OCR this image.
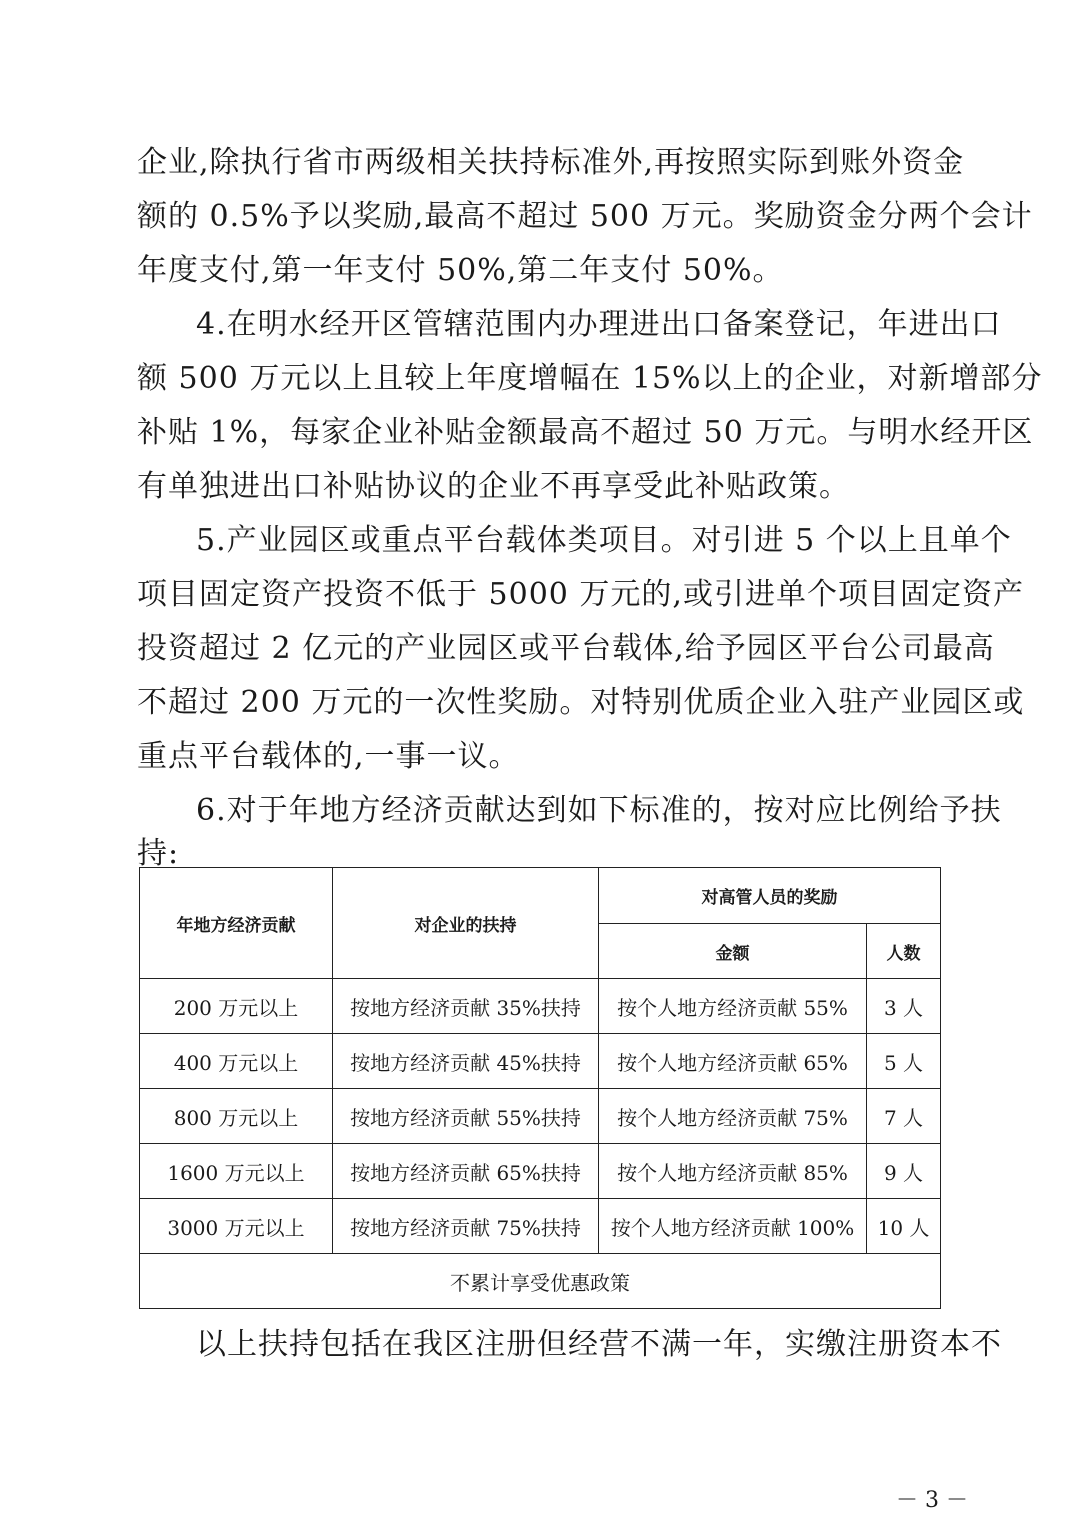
企业,除执行省市两级相关扶持标准外,再按照实际到账外资金
额的 0.5%予以奖励,最高不超过 500 万元。奖励资金分两个会计
年度支付,第一年支付 50%,第二年支付 50%。
4.在明水经开区管辖范围内办理进出口备案登记，年进出口
额 500 万元以上且较上年度增幅在 15%以上的企业，对新增部分
补贴 1%，每家企业补贴金额最高不超过 50 万元。与明水经开区
有单独进出口补贴协议的企业不再享受此补贴政策。
5.产业园区或重点平台载体类项目。对引进 5 个以上且单个
项目固定资产投资不低于 5000 万元的,或引进单个项目固定资产
投资超过 2 亿元的产业园区或平台载体,给予园区平台公司最高
不超过 200 万元的一次性奖励。对特别优质企业入驻产业园区或
重点平台载体的,一事一议。
6.对于年地方经济贡献达到如下标准的，按对应比例给予扶
持:
年地方经济贡献	对企业的扶持	对高管人员的奖励	
		金额	人数
200 万元以上	按地方经济贡献 35%扶持	按个人地方经济贡献 55%	3 人
400 万元以上	按地方经济贡献 45%扶持	按个人地方经济贡献 65%	5 人
800 万元以上	按地方经济贡献 55%扶持	按个人地方经济贡献 75%	7 人
1600 万元以上	按地方经济贡献 65%扶持	按个人地方经济贡献 85%	9 人
3000 万元以上	按地方经济贡献 75%扶持	按个人地方经济贡献 100%	10 人
不累计享受优惠政策			
以上扶持包括在我区注册但经营不满一年，实缴注册资本不
－ 3 －
